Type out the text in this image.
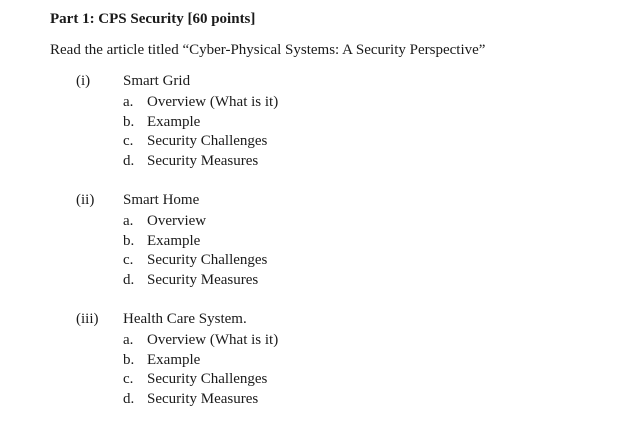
Part 1: CPS Security [60 points]

Read the article titled “Cyber-Physical Systems: A Security Perspective”

(i) Smart Grid
a. Overview (What is it)
b. Example
c. Security Challenges
d. Security Measures
(ii) Smart Home
a. Overview
b. Example
c. Security Challenges
d. Security Measures
(iii) Health Care System.
a. Overview (What is it)
b. Example
c. Security Challenges
d. Security Measures
